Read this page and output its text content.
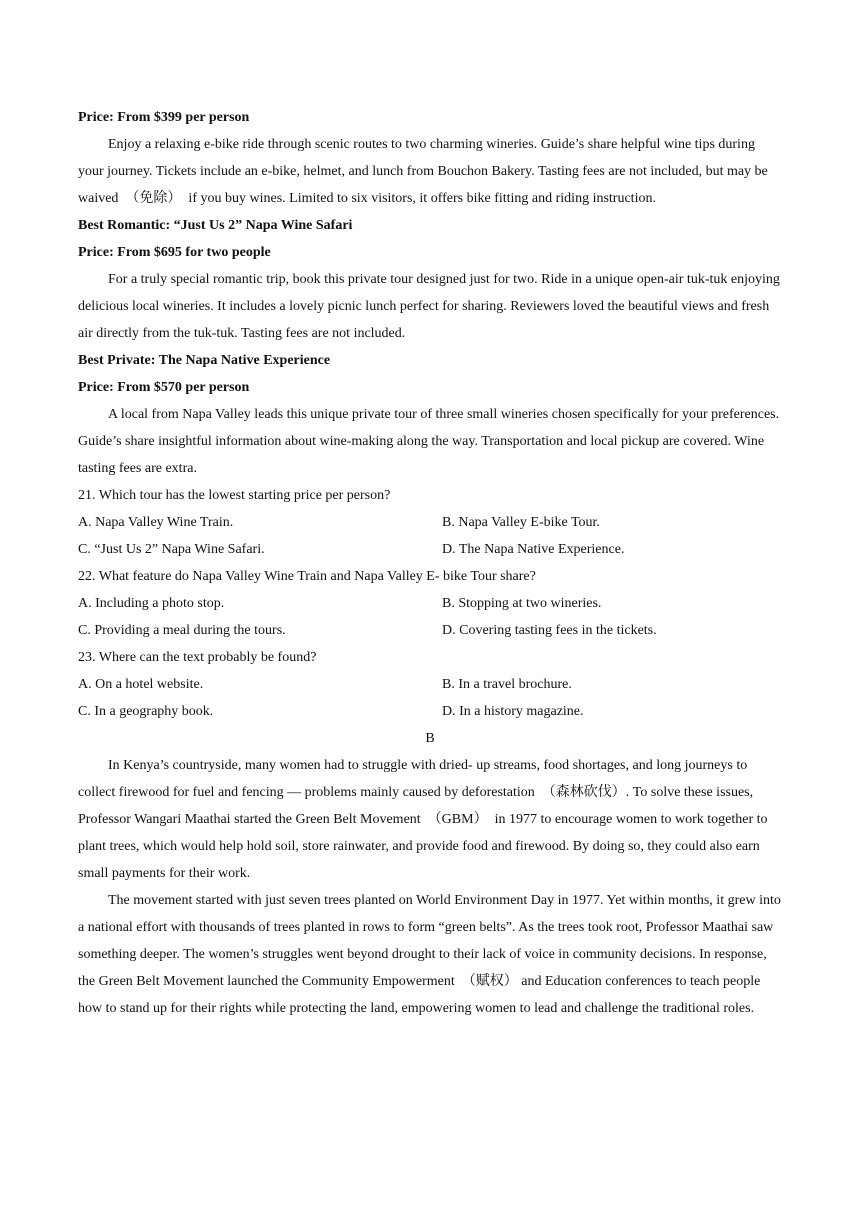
Price: From $399 per person

Enjoy a relaxing e-bike ride through scenic routes to two charming wineries. Guide’s share helpful wine tips during your journey. Tickets include an e-bike, helmet, and lunch from Bouchon Bakery. Tasting fees are not included, but may be waived  （免除）  if you buy wines. Limited to six visitors, it offers bike fitting and riding instruction.

Best Romantic: “Just Us 2” Napa Wine Safari

Price: From $695 for two people

For a truly special romantic trip, book this private tour designed just for two. Ride in a unique open-air tuk-tuk enjoying delicious local wineries. It includes a lovely picnic lunch perfect for sharing. Reviewers loved the beautiful views and fresh air directly from the tuk-tuk. Tasting fees are not included.

Best Private: The Napa Native Experience

Price: From $570 per person

A local from Napa Valley leads this unique private tour of three small wineries chosen specifically for your preferences. Guide’s share insightful information about wine-making along the way. Transportation and local pickup are covered. Wine tasting fees are extra.

21. Which tour has the lowest starting price per person?

A. Napa Valley Wine Train.	B. Napa Valley E-bike Tour.
C. “Just Us 2” Napa Wine Safari.	D. The Napa Native Experience.

22. What feature do Napa Valley Wine Train and Napa Valley E- bike Tour share?

A. Including a photo stop.	B. Stopping at two wineries.
C. Providing a meal during the tours.	D. Covering tasting fees in the tickets.

23. Where can the text probably be found?

A. On a hotel website.	B. In a travel brochure.
C. In a geography book.	D. In a history magazine.

B

In Kenya’s countryside, many women had to struggle with dried- up streams, food shortages, and long journeys to collect firewood for fuel and fencing — problems mainly caused by deforestation  （森林砍伐）. To solve these issues, Professor Wangari Maathai started the Green Belt Movement  （GBM）  in 1977 to encourage women to work together to plant trees, which would help hold soil, store rainwater, and provide food and firewood. By doing so, they could also earn small payments for their work.

The movement started with just seven trees planted on World Environment Day in 1977. Yet within months, it grew into a national effort with thousands of trees planted in rows to form “green belts”. As the trees took root, Professor Maathai saw something deeper. The women’s struggles went beyond drought to their lack of voice in community decisions. In response, the Green Belt Movement launched the Community Empowerment  （赋权） and Education conferences to teach people how to stand up for their rights while protecting the land, empowering women to lead and challenge the traditional roles.
